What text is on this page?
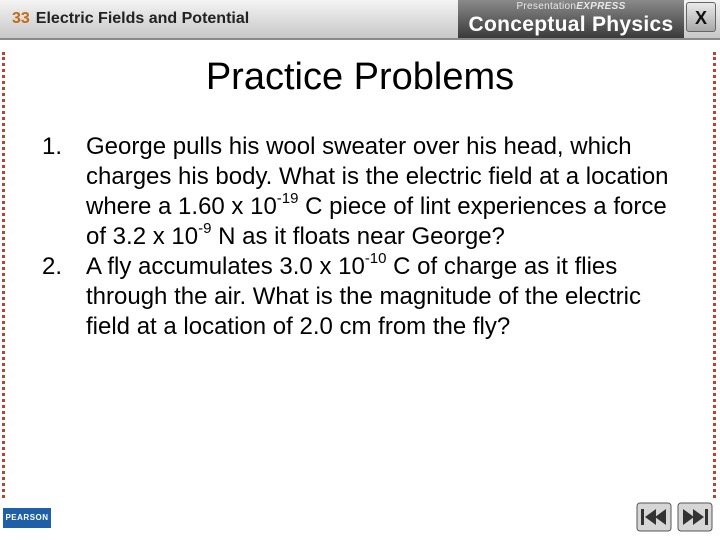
33 Electric Fields and Potential
PresentationEXPRESS
Conceptual Physics	X
Practice Problems
1. George pulls his wool sweater over his head, which charges his body. What is the electric field at a location where a 1.60 x $10^{-19}$ C piece of lint experiences a force of 3.2 x $10^{-9}$ N as it floats near George?
2. A fly accumulates 3.0 x $10^{-10}$ C of charge as it flies through the air. What is the magnitude of the electric field at a location of 2.0 cm from the fly?
PEARSON
